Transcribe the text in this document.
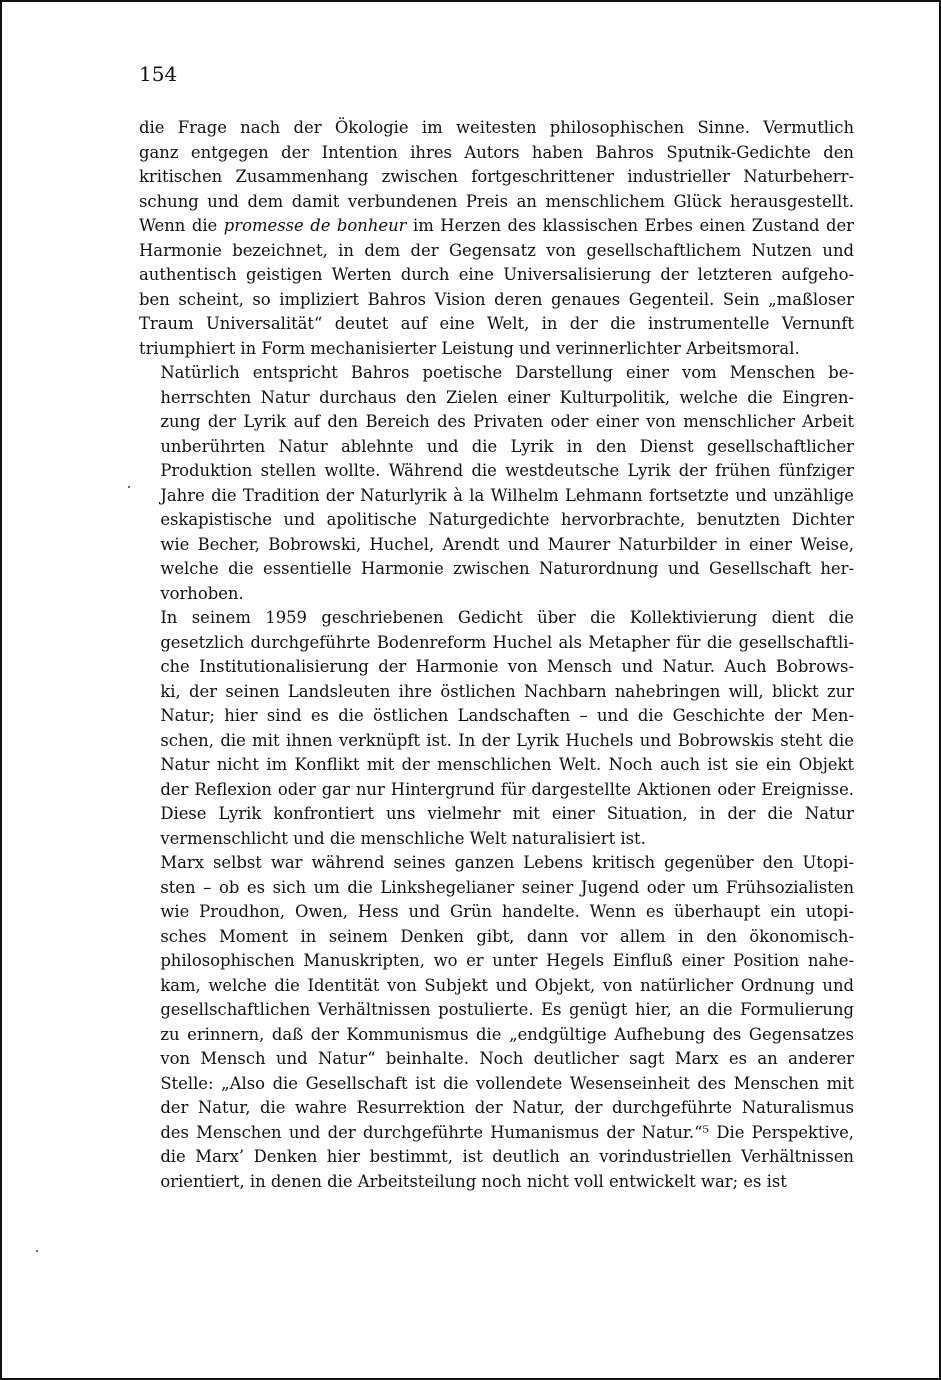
154

die Frage nach der Ökologie im weitesten philosophischen Sinne. Vermutlich
ganz entgegen der Intention ihres Autors haben Bahros Sputnik-Gedichte den
kritischen Zusammenhang zwischen fortgeschrittener industrieller Naturbeherr-
schung und dem damit verbundenen Preis an menschlichem Glück herausgestellt.
Wenn die promesse de bonheur im Herzen des klassischen Erbes einen Zustand der
Harmonie bezeichnet, in dem der Gegensatz von gesellschaftlichem Nutzen und
authentisch geistigen Werten durch eine Universalisierung der letzteren aufgeho-
ben scheint, so impliziert Bahros Vision deren genaues Gegenteil. Sein „maßloser
Traum Universalität“ deutet auf eine Welt, in der die instrumentelle Vernunft
triumphiert in Form mechanisierter Leistung und verinnerlichter Arbeitsmoral.

Natürlich entspricht Bahros poetische Darstellung einer vom Menschen be-
herrschten Natur durchaus den Zielen einer Kulturpolitik, welche die Eingren-
zung der Lyrik auf den Bereich des Privaten oder einer von menschlicher Arbeit
unberührten Natur ablehnte und die Lyrik in den Dienst gesellschaftlicher
Produktion stellen wollte. Während die westdeutsche Lyrik der frühen fünfziger
Jahre die Tradition der Naturlyrik à la Wilhelm Lehmann fortsetzte und unzählige
eskapistische und apolitische Naturgedichte hervorbrachte, benutzten Dichter
wie Becher, Bobrowski, Huchel, Arendt und Maurer Naturbilder in einer Weise,
welche die essentielle Harmonie zwischen Naturordnung und Gesellschaft her-
vorhoben.

In seinem 1959 geschriebenen Gedicht über die Kollektivierung dient die
gesetzlich durchgeführte Bodenreform Huchel als Metapher für die gesellschaftli-
che Institutionalisierung der Harmonie von Mensch und Natur. Auch Bobrows-
ki, der seinen Landsleuten ihre östlichen Nachbarn nahebringen will, blickt zur
Natur; hier sind es die östlichen Landschaften – und die Geschichte der Men-
schen, die mit ihnen verknüpft ist. In der Lyrik Huchels und Bobrowskis steht die
Natur nicht im Konflikt mit der menschlichen Welt. Noch auch ist sie ein Objekt
der Reflexion oder gar nur Hintergrund für dargestellte Aktionen oder Ereignisse.
Diese Lyrik konfrontiert uns vielmehr mit einer Situation, in der die Natur
vermenschlicht und die menschliche Welt naturalisiert ist.

Marx selbst war während seines ganzen Lebens kritisch gegenüber den Utopi-
sten – ob es sich um die Linkshegelianer seiner Jugend oder um Frühsozialisten
wie Proudhon, Owen, Hess und Grün handelte. Wenn es überhaupt ein utopi-
sches Moment in seinem Denken gibt, dann vor allem in den ökonomisch-
philosophischen Manuskripten, wo er unter Hegels Einfluß einer Position nahe-
kam, welche die Identität von Subjekt und Objekt, von natürlicher Ordnung und
gesellschaftlichen Verhältnissen postulierte. Es genügt hier, an die Formulierung
zu erinnern, daß der Kommunismus die „endgültige Aufhebung des Gegensatzes
von Mensch und Natur“ beinhalte. Noch deutlicher sagt Marx es an anderer
Stelle: „Also die Gesellschaft ist die vollendete Wesenseinheit des Menschen mit
der Natur, die wahre Resurrektion der Natur, der durchgeführte Naturalismus
des Menschen und der durchgeführte Humanismus der Natur.“⁵ Die Perspektive,
die Marx’ Denken hier bestimmt, ist deutlich an vorindustriellen Verhältnissen
orientiert, in denen die Arbeitsteilung noch nicht voll entwickelt war; es ist
